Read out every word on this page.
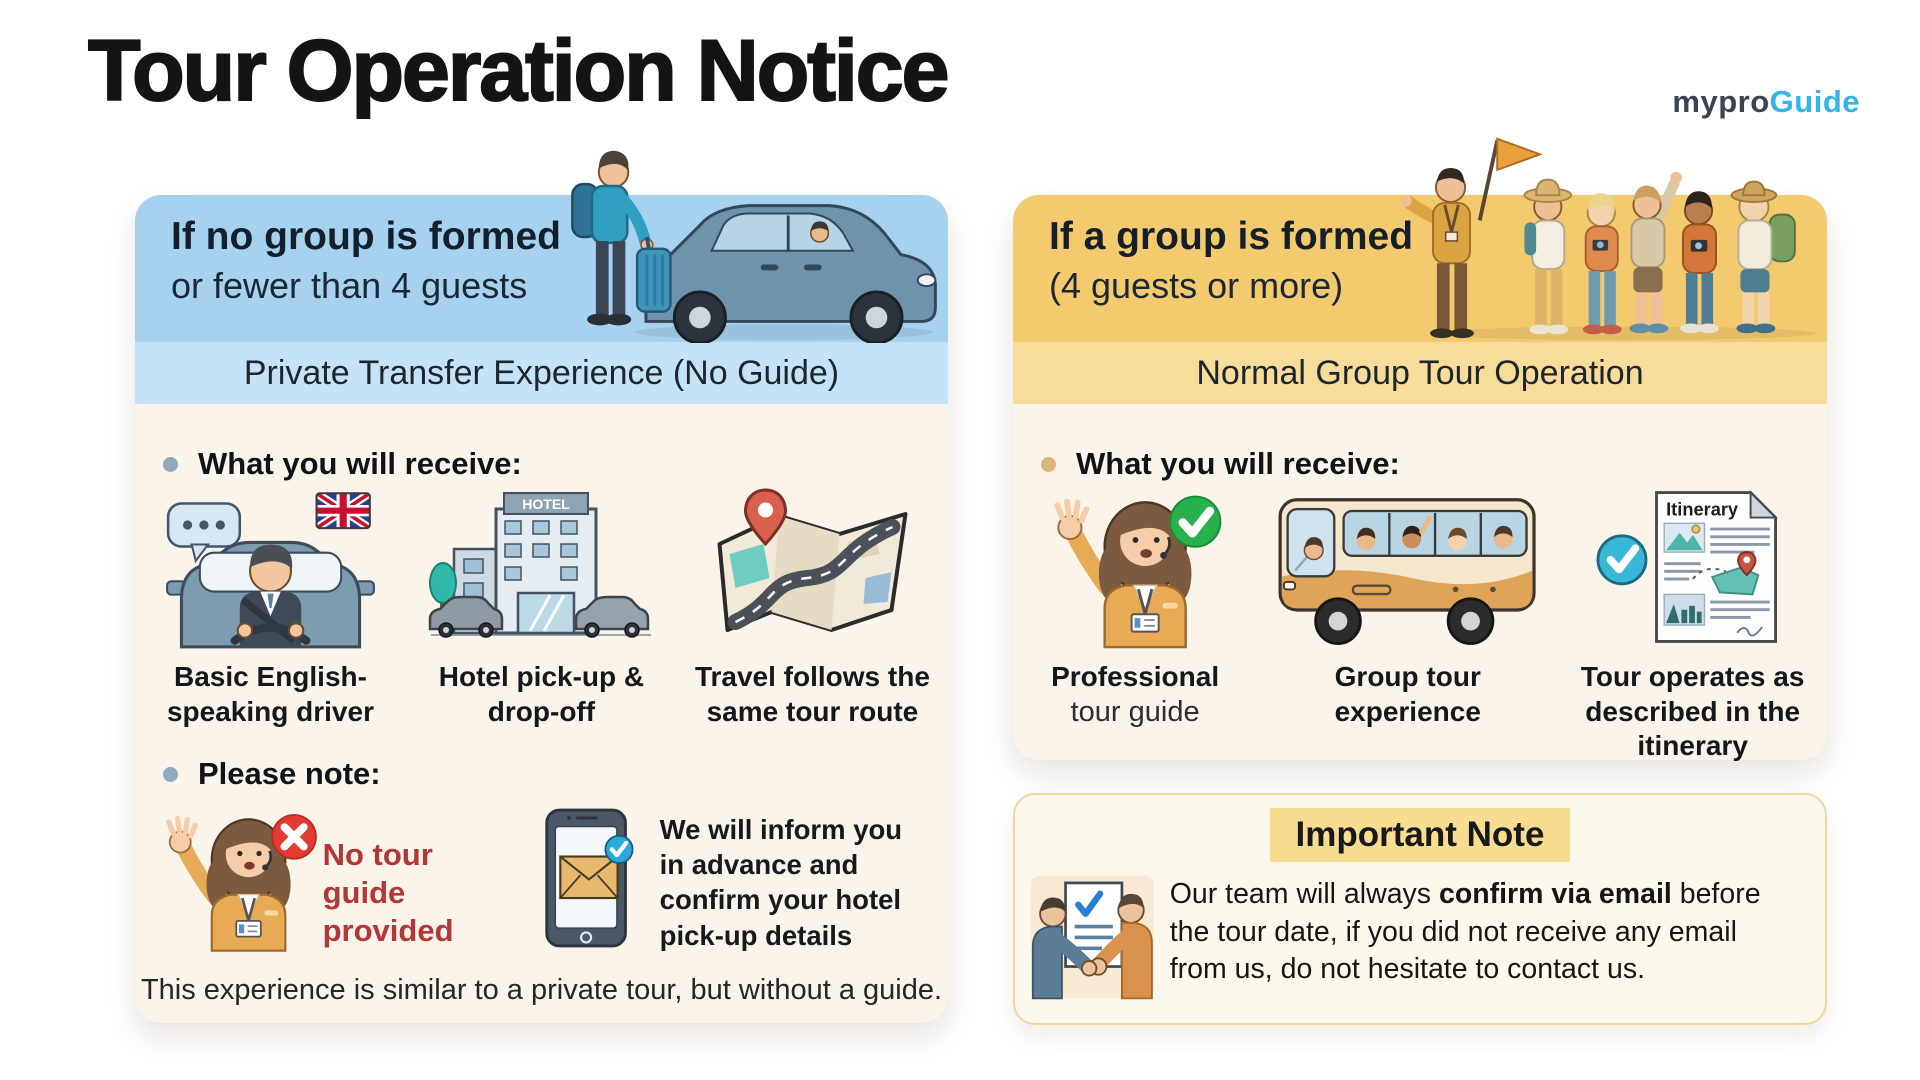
Tour Operation Notice	myproGuide
If no group is formed
or fewer than 4 guests
Private Transfer Experience (No Guide)
What you will receive:
Basic English-speaking driver
HOTEL
Hotel pick-up & drop-off
Travel follows the same tour route
Please note:
No tour guide provided
We will inform you in advance and confirm your hotel pick-up details
This experience is similar to a private tour, but without a guide.
If a group is formed
(4 guests or more)
Normal Group Tour Operation
What you will receive:
Professional
tour guide
Group tour experience
Itinerary
Tour operates as described in the itinerary
Important Note

Our team will always confirm via email before the tour date, if you did not receive any email from us, do not hesitate to contact us.
